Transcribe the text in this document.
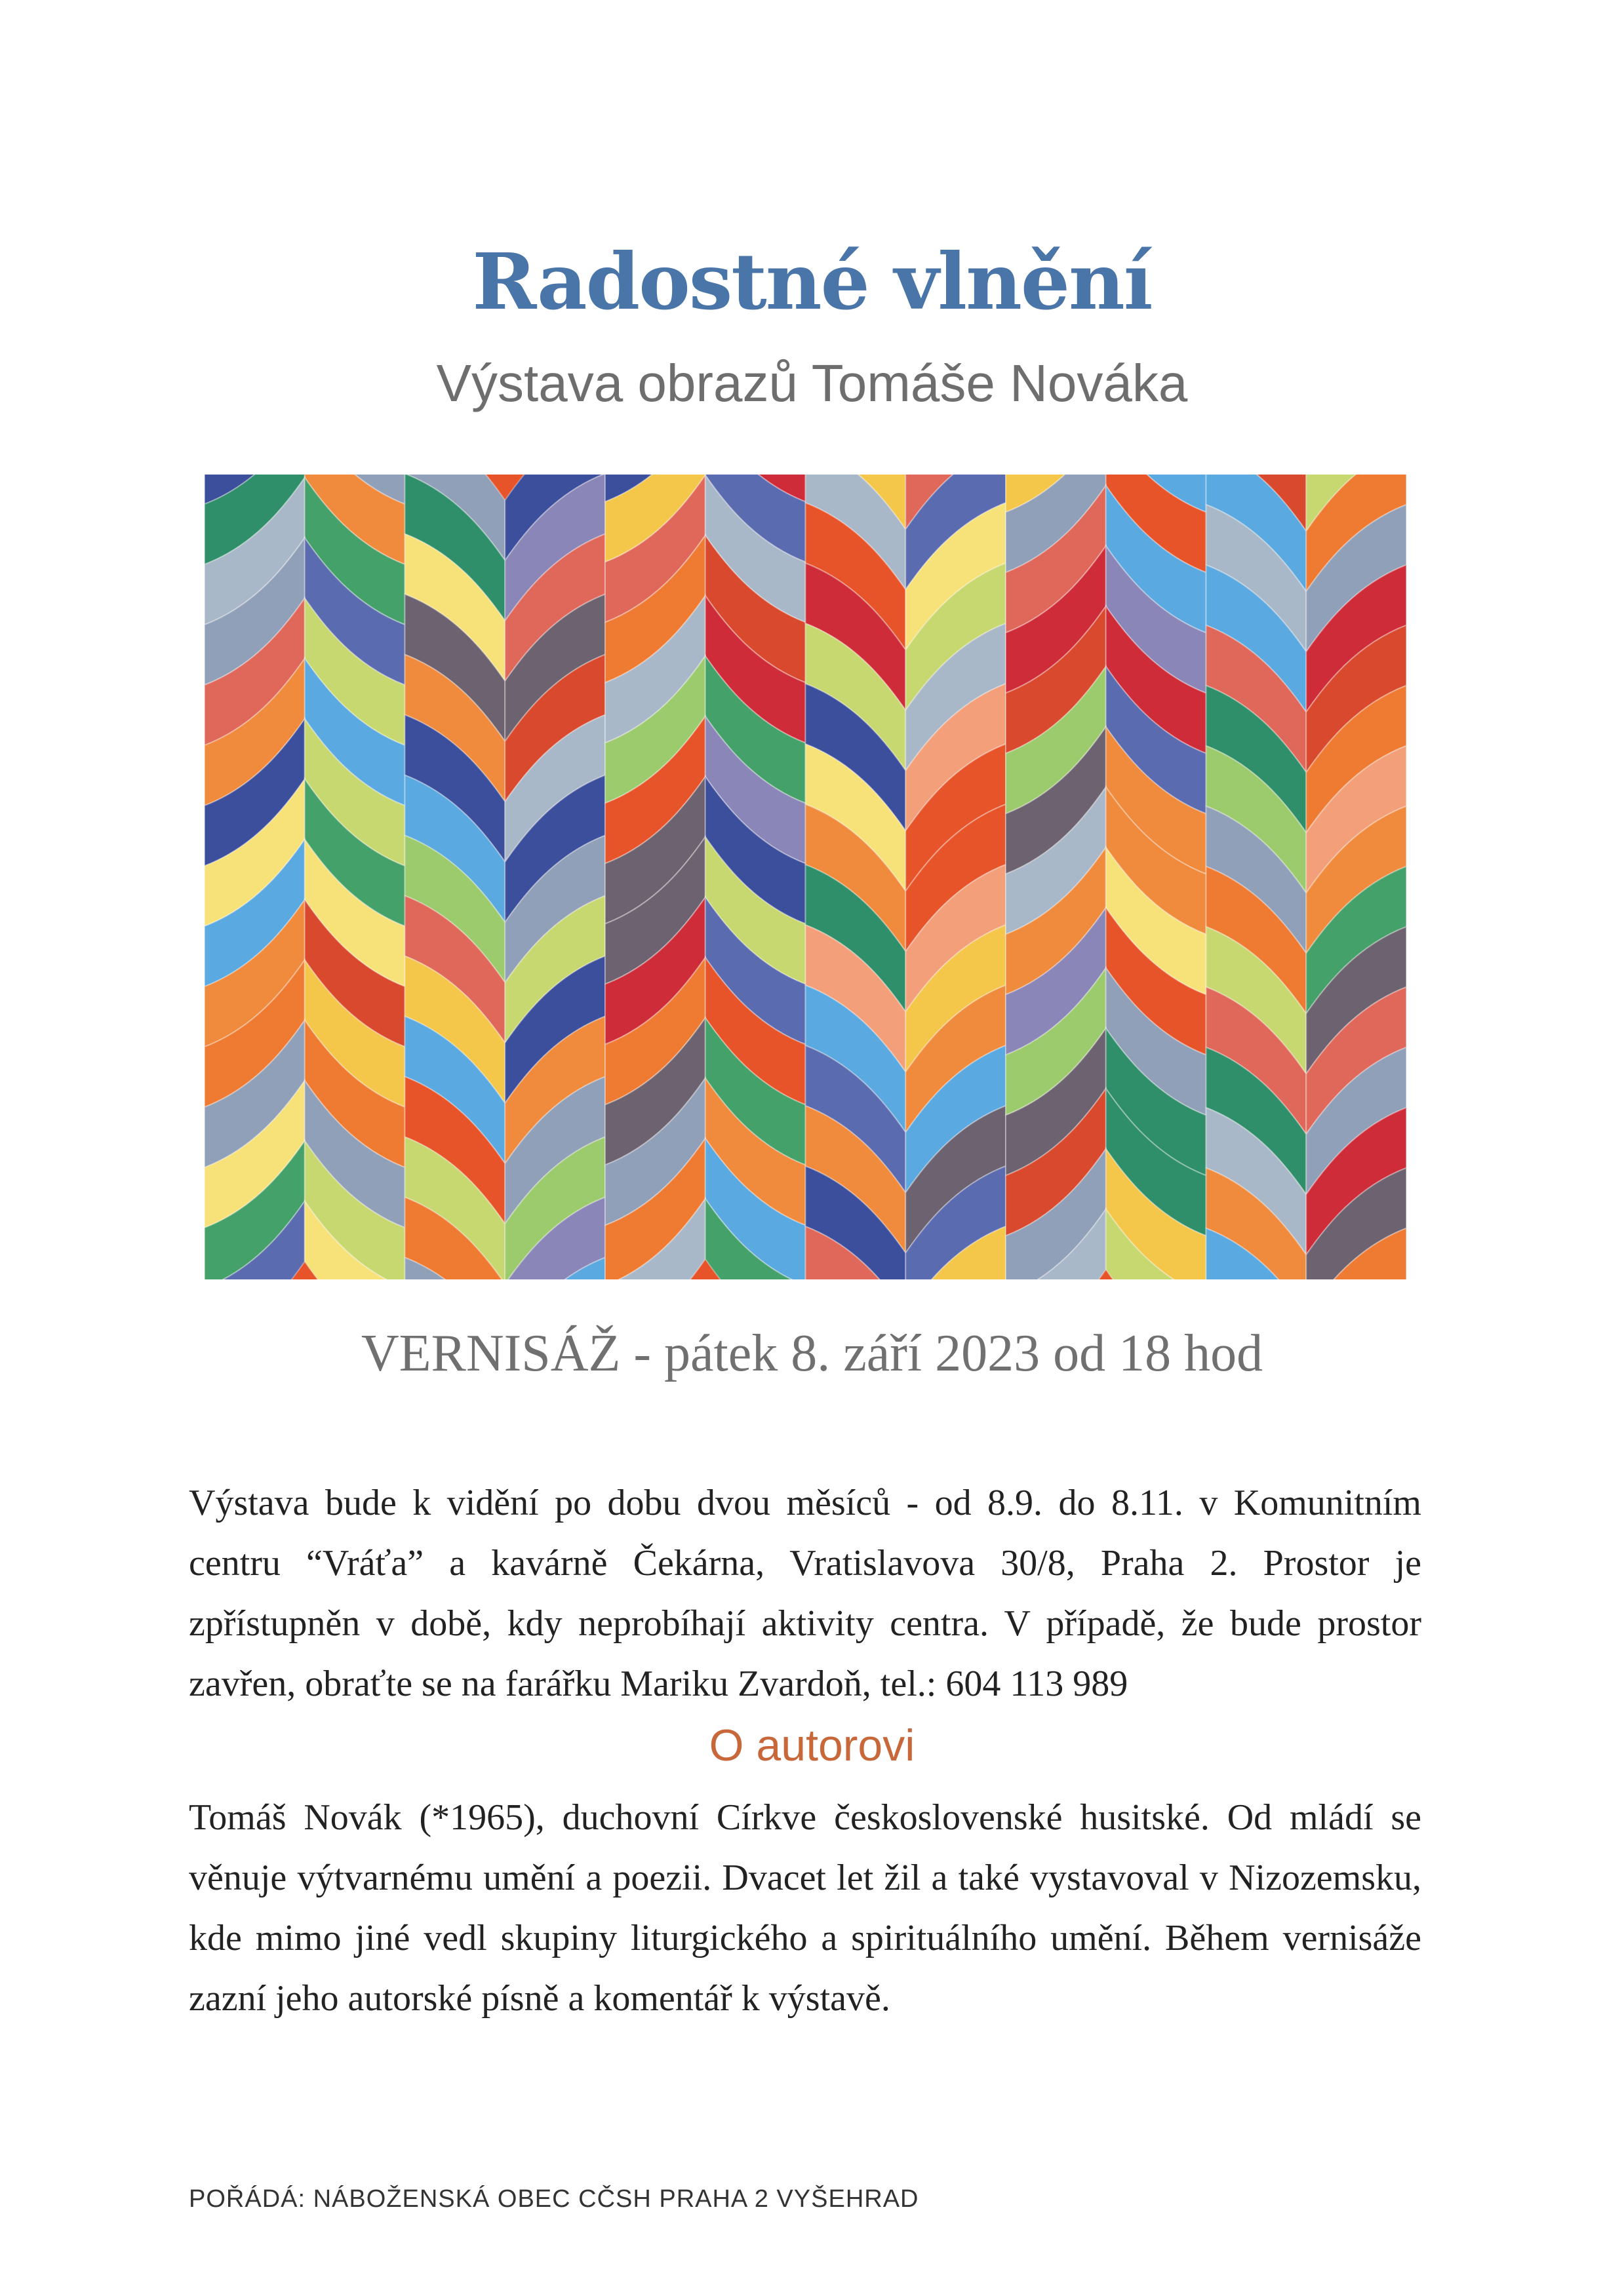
Radostné vlnění
Výstava obrazů Tomáše Nováka
VERNISÁŽ - pátek 8. září 2023 od 18 hod
Výstava bude k vidění po dobu dvou měsíců - od 8.9. do 8.11. v Komunitním centru “Vráťa” a kavárně Čekárna, Vratislavova 30/8, Praha 2. Prostor je zpřístupněn v době, kdy neprobíhají aktivity centra. V případě, že bude prostor zavřen, obraťte se na farářku Mariku Zvardoň, tel.: 604 113 989
O autorovi
Tomáš Novák (*1965), duchovní Církve československé husitské. Od mládí se věnuje výtvarnému umění a poezii. Dvacet let žil a také vystavoval v Nizozemsku, kde mimo jiné vedl skupiny liturgického a spirituálního umění. Během vernisáže zazní jeho autorské písně a komentář k výstavě.
POŘÁDÁ: NÁBOŽENSKÁ OBEC CČSH PRAHA 2 VYŠEHRAD
